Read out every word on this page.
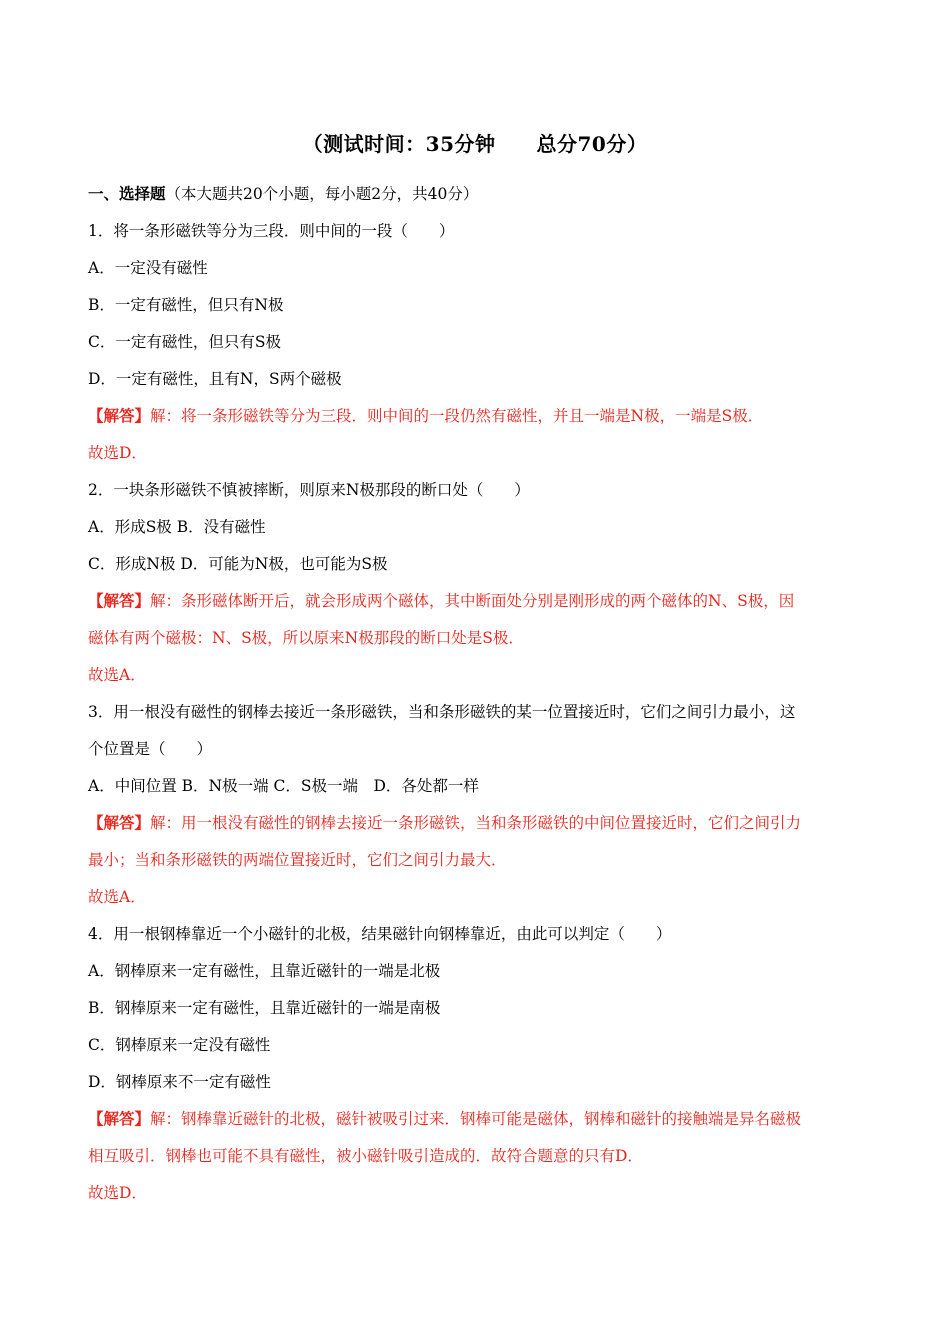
（测试时间：35分钟　　总分70分）
一、选择题（本大题共20个小题，每小题2分，共40分）
1．将一条形磁铁等分为三段．则中间的一段（　　）
A．一定没有磁性
B．一定有磁性，但只有N极
C．一定有磁性，但只有S极
D．一定有磁性，且有N，S两个磁极
【解答】解：将一条形磁铁等分为三段．则中间的一段仍然有磁性，并且一端是N极，一端是S极．
故选D．
2．一块条形磁铁不慎被摔断，则原来N极那段的断口处（　　）
A．形成S极 B．没有磁性
C．形成N极 D．可能为N极，也可能为S极
【解答】解：条形磁体断开后，就会形成两个磁体，其中断面处分别是刚形成的两个磁体的N、S极，因
磁体有两个磁极：N、S极，所以原来N极那段的断口处是S极．
故选A．
3．用一根没有磁性的钢棒去接近一条形磁铁，当和条形磁铁的某一位置接近时，它们之间引力最小，这
个位置是（　　）
A．中间位置 B．N极一端 C．S极一端　D．各处都一样
【解答】解：用一根没有磁性的钢棒去接近一条形磁铁，当和条形磁铁的中间位置接近时，它们之间引力
最小；当和条形磁铁的两端位置接近时，它们之间引力最大．
故选A．
4．用一根钢棒靠近一个小磁针的北极，结果磁针向钢棒靠近，由此可以判定（　　）
A．钢棒原来一定有磁性，且靠近磁针的一端是北极
B．钢棒原来一定有磁性，且靠近磁针的一端是南极
C．钢棒原来一定没有磁性
D．钢棒原来不一定有磁性
【解答】解：钢棒靠近磁针的北极，磁针被吸引过来．钢棒可能是磁体，钢棒和磁针的接触端是异名磁极
相互吸引．钢棒也可能不具有磁性，被小磁针吸引造成的．故符合题意的只有D．
故选D．
